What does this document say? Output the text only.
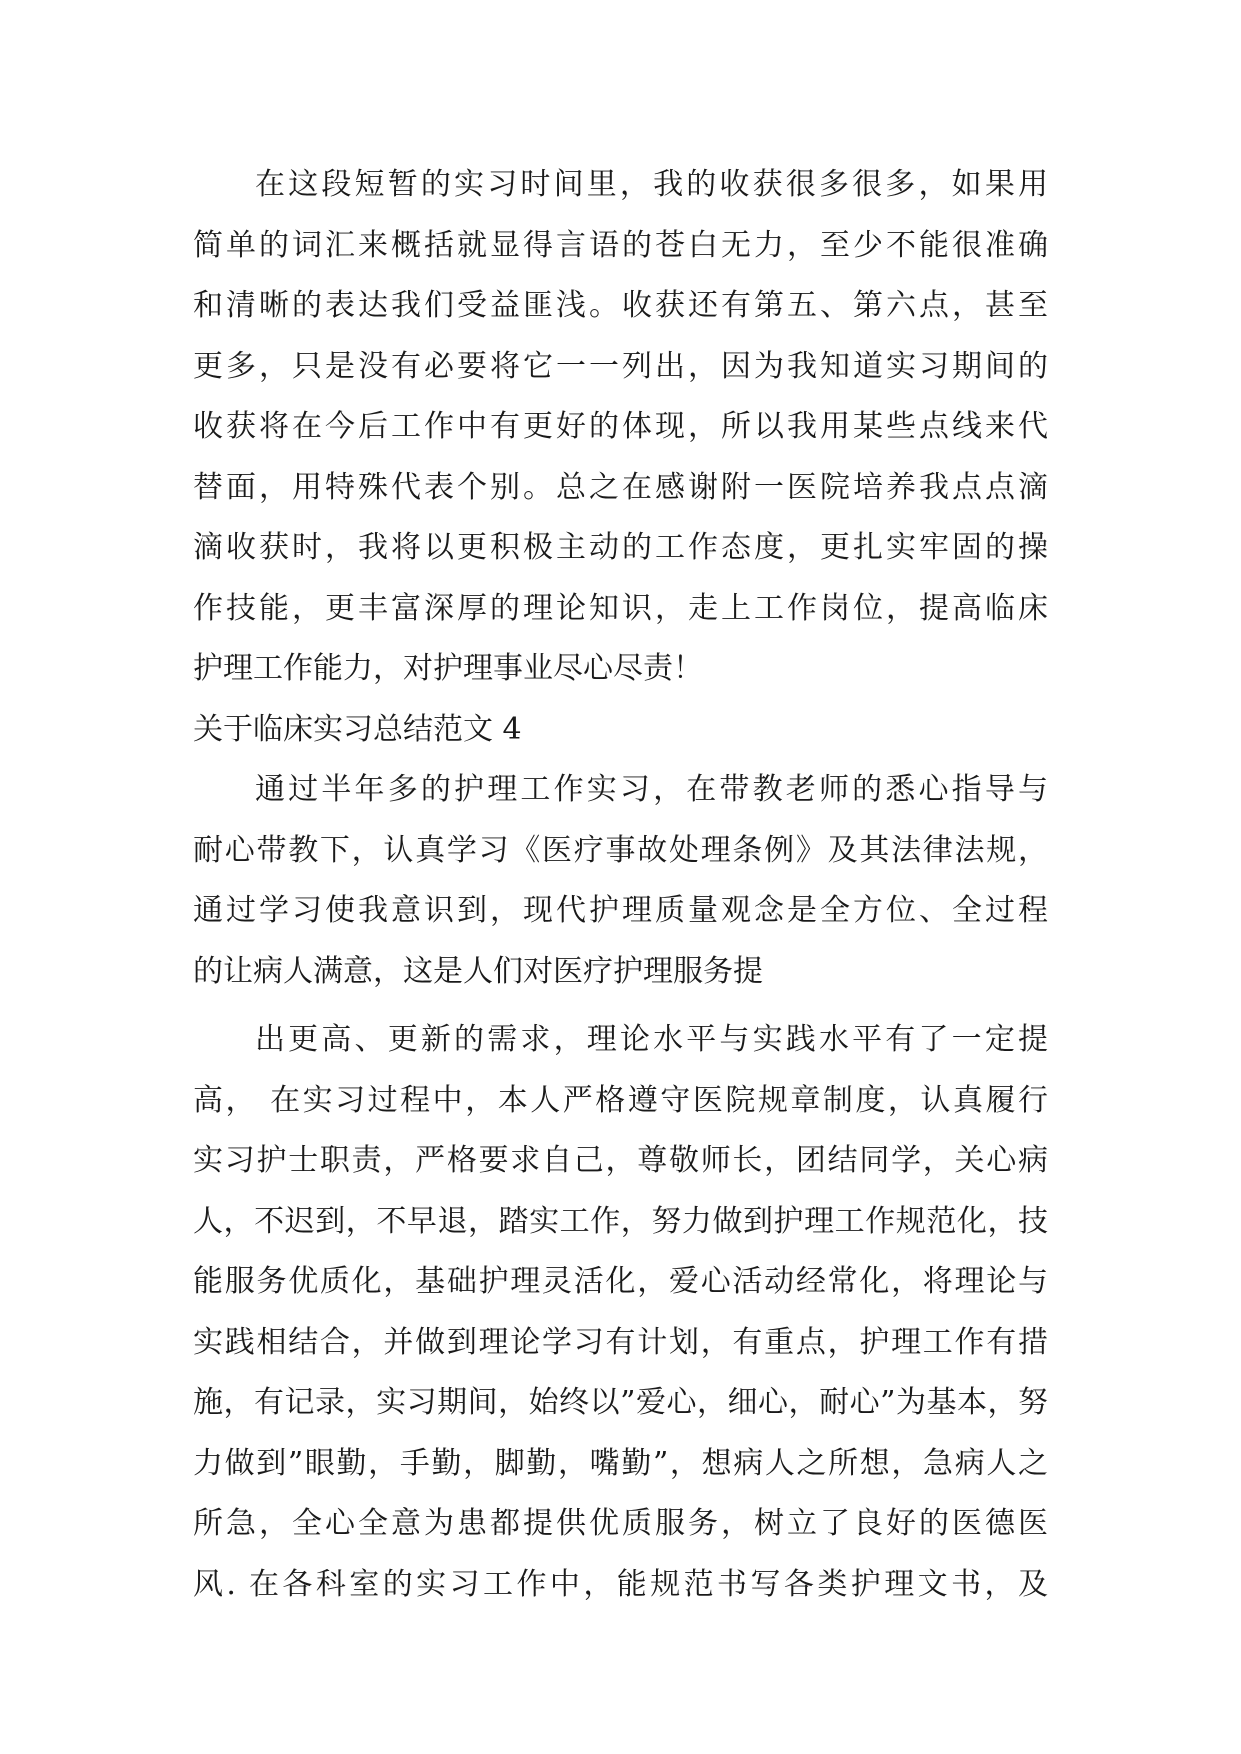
在这段短暂的实习时间里，我的收获很多很多，如果用
简单的词汇来概括就显得言语的苍白无力，至少不能很准确
和清晰的表达我们受益匪浅。收获还有第五、第六点，甚至
更多，只是没有必要将它一一列出，因为我知道实习期间的
收获将在今后工作中有更好的体现，所以我用某些点线来代
替面，用特殊代表个别。总之在感谢附一医院培养我点点滴
滴收获时，我将以更积极主动的工作态度，更扎实牢固的操
作技能，更丰富深厚的理论知识，走上工作岗位，提高临床
护理工作能力，对护理事业尽心尽责！
关于临床实习总结范文 4
通过半年多的护理工作实习，在带教老师的悉心指导与
耐心带教下，认真学习《医疗事故处理条例》及其法律法规，
通过学习使我意识到，现代护理质量观念是全方位、全过程
的让病人满意，这是人们对医疗护理服务提
出更高、更新的需求，理论水平与实践水平有了一定提
高， 在实习过程中，本人严格遵守医院规章制度，认真履行
实习护士职责，严格要求自己，尊敬师长，团结同学，关心病
人，不迟到，不早退，踏实工作，努力做到护理工作规范化，技
能服务优质化，基础护理灵活化，爱心活动经常化，将理论与
实践相结合，并做到理论学习有计划，有重点，护理工作有措
施，有记录，实习期间，始终以”爱心，细心，耐心”为基本，努
力做到”眼勤，手勤，脚勤，嘴勤”，想病人之所想，急病人之
所急，全心全意为患都提供优质服务，树立了良好的医德医
风. 在各科室的实习工作中，能规范书写各类护理文书，及
